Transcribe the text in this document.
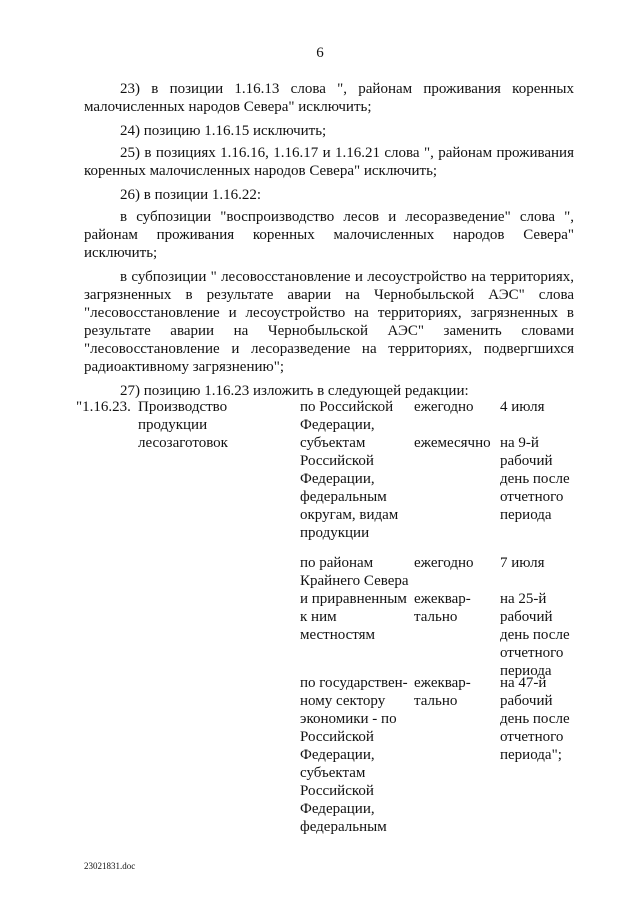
6

23) в позиции 1.16.13 слова ", районам проживания коренных малочисленных народов Севера" исключить;

24) позицию 1.16.15 исключить;

25) в позициях 1.16.16, 1.16.17 и 1.16.21 слова ", районам проживания коренных малочисленных народов Севера" исключить;

26) в позиции 1.16.22:

в субпозиции "воспроизводство лесов и лесоразведение" слова ", районам проживания коренных малочисленных народов Севера" исключить;

в субпозиции " лесовосстановление и лесоустройство на территориях, загрязненных в результате аварии на Чернобыльской АЭС" слова "лесовосстановление и лесоустройство на территориях, загрязненных в результате аварии на Чернобыльской АЭС" заменить словами "лесовосстановление и лесоразведение на территориях, подвергшихся радиоактивному загрязнению";

27) позицию 1.16.23 изложить в следующей редакции:

"1.16.23. Производство
продукции
лесозаготовок
по Российской
Федерации,
субъектам
Российской
Федерации,
федеральным
округам, видам
продукции
ежегодно

ежемесячно
4 июля

на 9-й
рабочий
день после
отчетного
периода
по районам
Крайнего Севера
и приравненным
к ним
местностям
ежегодно

ежеквар-
тально
7 июля

на 25-й
рабочий
день после
отчетного
периода
по государствен-
ному сектору
экономики - по
Российской
Федерации,
субъектам
Российской
Федерации,
федеральным
ежеквар-
тально
на 47-й
рабочий
день после
отчетного
периода";
23021831.doc
